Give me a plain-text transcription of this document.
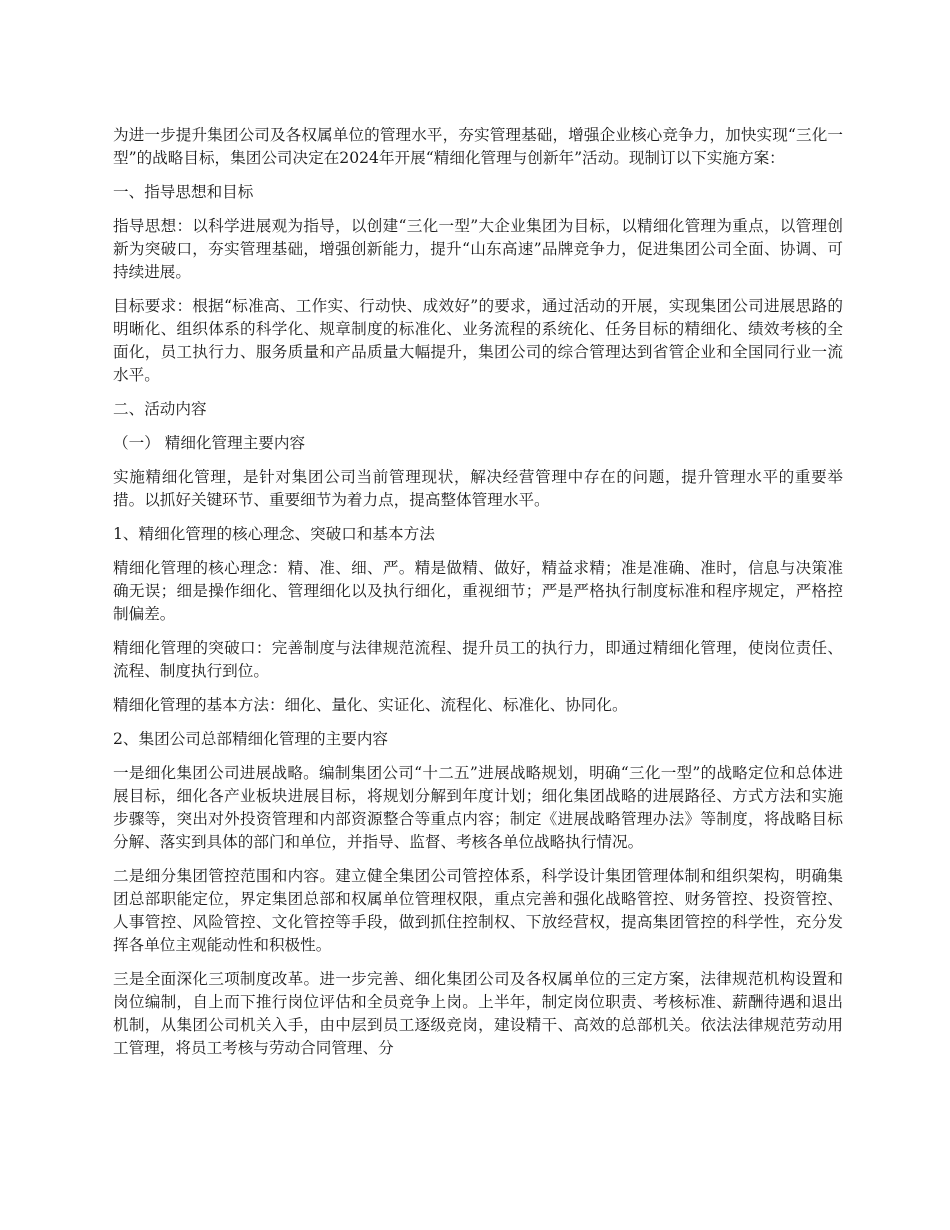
为进一步提升集团公司及各权属单位的管理水平，夯实管理基础，增强企业核心竞争力，加快实现“三化一型”的战略目标，集团公司决定在2024年开展“精细化管理与创新年”活动。现制订以下实施方案：

一、指导思想和目标

指导思想：以科学进展观为指导，以创建“三化一型”大企业集团为目标，以精细化管理为重点，以管理创新为突破口，夯实管理基础，增强创新能力，提升“山东高速”品牌竞争力，促进集团公司全面、协调、可持续进展。

目标要求：根据“标准高、工作实、行动快、成效好”的要求，通过活动的开展，实现集团公司进展思路的明晰化、组织体系的科学化、规章制度的标准化、业务流程的系统化、任务目标的精细化、绩效考核的全面化，员工执行力、服务质量和产品质量大幅提升，集团公司的综合管理达到省管企业和全国同行业一流水平。

二、活动内容

（一） 精细化管理主要内容

实施精细化管理，是针对集团公司当前管理现状，解决经营管理中存在的问题，提升管理水平的重要举措。以抓好关键环节、重要细节为着力点，提高整体管理水平。

1、精细化管理的核心理念、突破口和基本方法

精细化管理的核心理念：精、准、细、严。精是做精、做好，精益求精；准是准确、准时，信息与决策准确无误；细是操作细化、管理细化以及执行细化，重视细节；严是严格执行制度标准和程序规定，严格控制偏差。

精细化管理的突破口：完善制度与法律规范流程、提升员工的执行力，即通过精细化管理，使岗位责任、流程、制度执行到位。

精细化管理的基本方法：细化、量化、实证化、流程化、标准化、协同化。

2、集团公司总部精细化管理的主要内容

一是细化集团公司进展战略。编制集团公司“十二五”进展战略规划，明确“三化一型”的战略定位和总体进展目标，细化各产业板块进展目标，将规划分解到年度计划；细化集团战略的进展路径、方式方法和实施步骤等，突出对外投资管理和内部资源整合等重点内容；制定《进展战略管理办法》等制度，将战略目标分解、落实到具体的部门和单位，并指导、监督、考核各单位战略执行情况。

二是细分集团管控范围和内容。建立健全集团公司管控体系，科学设计集团管理体制和组织架构，明确集团总部职能定位，界定集团总部和权属单位管理权限，重点完善和强化战略管控、财务管控、投资管控、人事管控、风险管控、文化管控等手段，做到抓住控制权、下放经营权，提高集团管控的科学性，充分发挥各单位主观能动性和积极性。

三是全面深化三项制度改革。进一步完善、细化集团公司及各权属单位的三定方案，法律规范机构设置和岗位编制，自上而下推行岗位评估和全员竞争上岗。上半年，制定岗位职责、考核标准、薪酬待遇和退出机制，从集团公司机关入手，由中层到员工逐级竞岗，建设精干、高效的总部机关。依法法律规范劳动用工管理，将员工考核与劳动合同管理、分
